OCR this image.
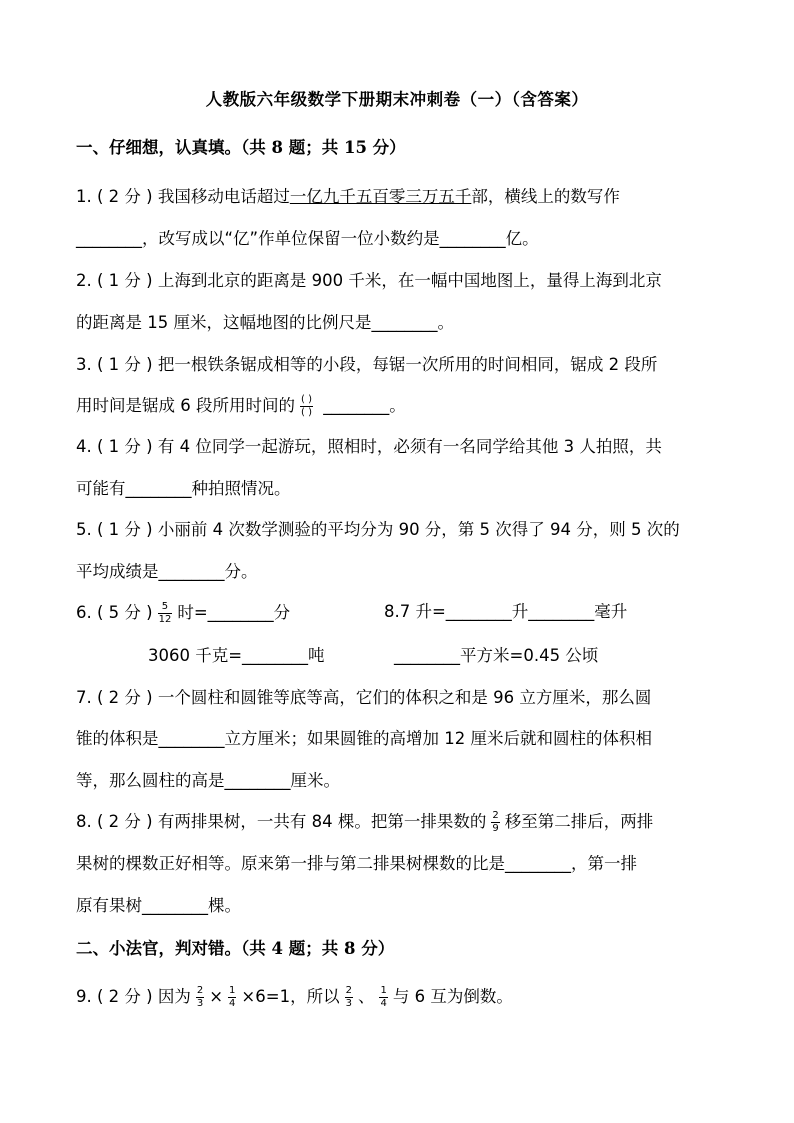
人教版六年级数学下册期末冲刺卷（一）（含答案）
一、仔细想，认真填。（共 8 题；共 15 分）
1. ( 2 分 ) 我国移动电话超过一亿九千五百零三万五千部，横线上的数写作
________，改写成以“亿”作单位保留一位小数约是________亿。
2. ( 1 分 ) 上海到北京的距离是 900 千米，在一幅中国地图上，量得上海到北京
的距离是 15 厘米，这幅地图的比例尺是________。
3. ( 1 分 ) 把一根铁条锯成相等的小段，每锯一次所用的时间相同，锯成 2 段所
用时间是锯成 6 段所用时间的 $\frac{( )}{( )}$ ________。
4. ( 1 分 ) 有 4 位同学一起游玩，照相时，必须有一名同学给其他 3 人拍照，共
可能有________种拍照情况。
5. ( 1 分 ) 小丽前 4 次数学测验的平均分为 90 分，第 5 次得了 94 分，则 5 次的
平均成绩是________分。
6. ( 5 分 ) $\frac{5}{12}$ 时=________分	8.7 升=________升________毫升
3060 千克=________吨	________平方米=0.45 公顷
7. ( 2 分 ) 一个圆柱和圆锥等底等高，它们的体积之和是 96 立方厘米，那么圆
锥的体积是________立方厘米；如果圆锥的高增加 12 厘米后就和圆柱的体积相
等，那么圆柱的高是________厘米。
8. ( 2 分 ) 有两排果树，一共有 84 棵。把第一排果数的 $\frac{2}{9}$ 移至第二排后，两排
果树的棵数正好相等。原来第一排与第二排果树棵数的比是________，第一排
原有果树________棵。
二、小法官，判对错。（共 4 题；共 8 分）
9. ( 2 分 ) 因为 $\frac{2}{3} \times \frac{1}{4} \times 6=1$，所以 $\frac{2}{3}$ 、 $\frac{1}{4}$ 与 6 互为倒数。
